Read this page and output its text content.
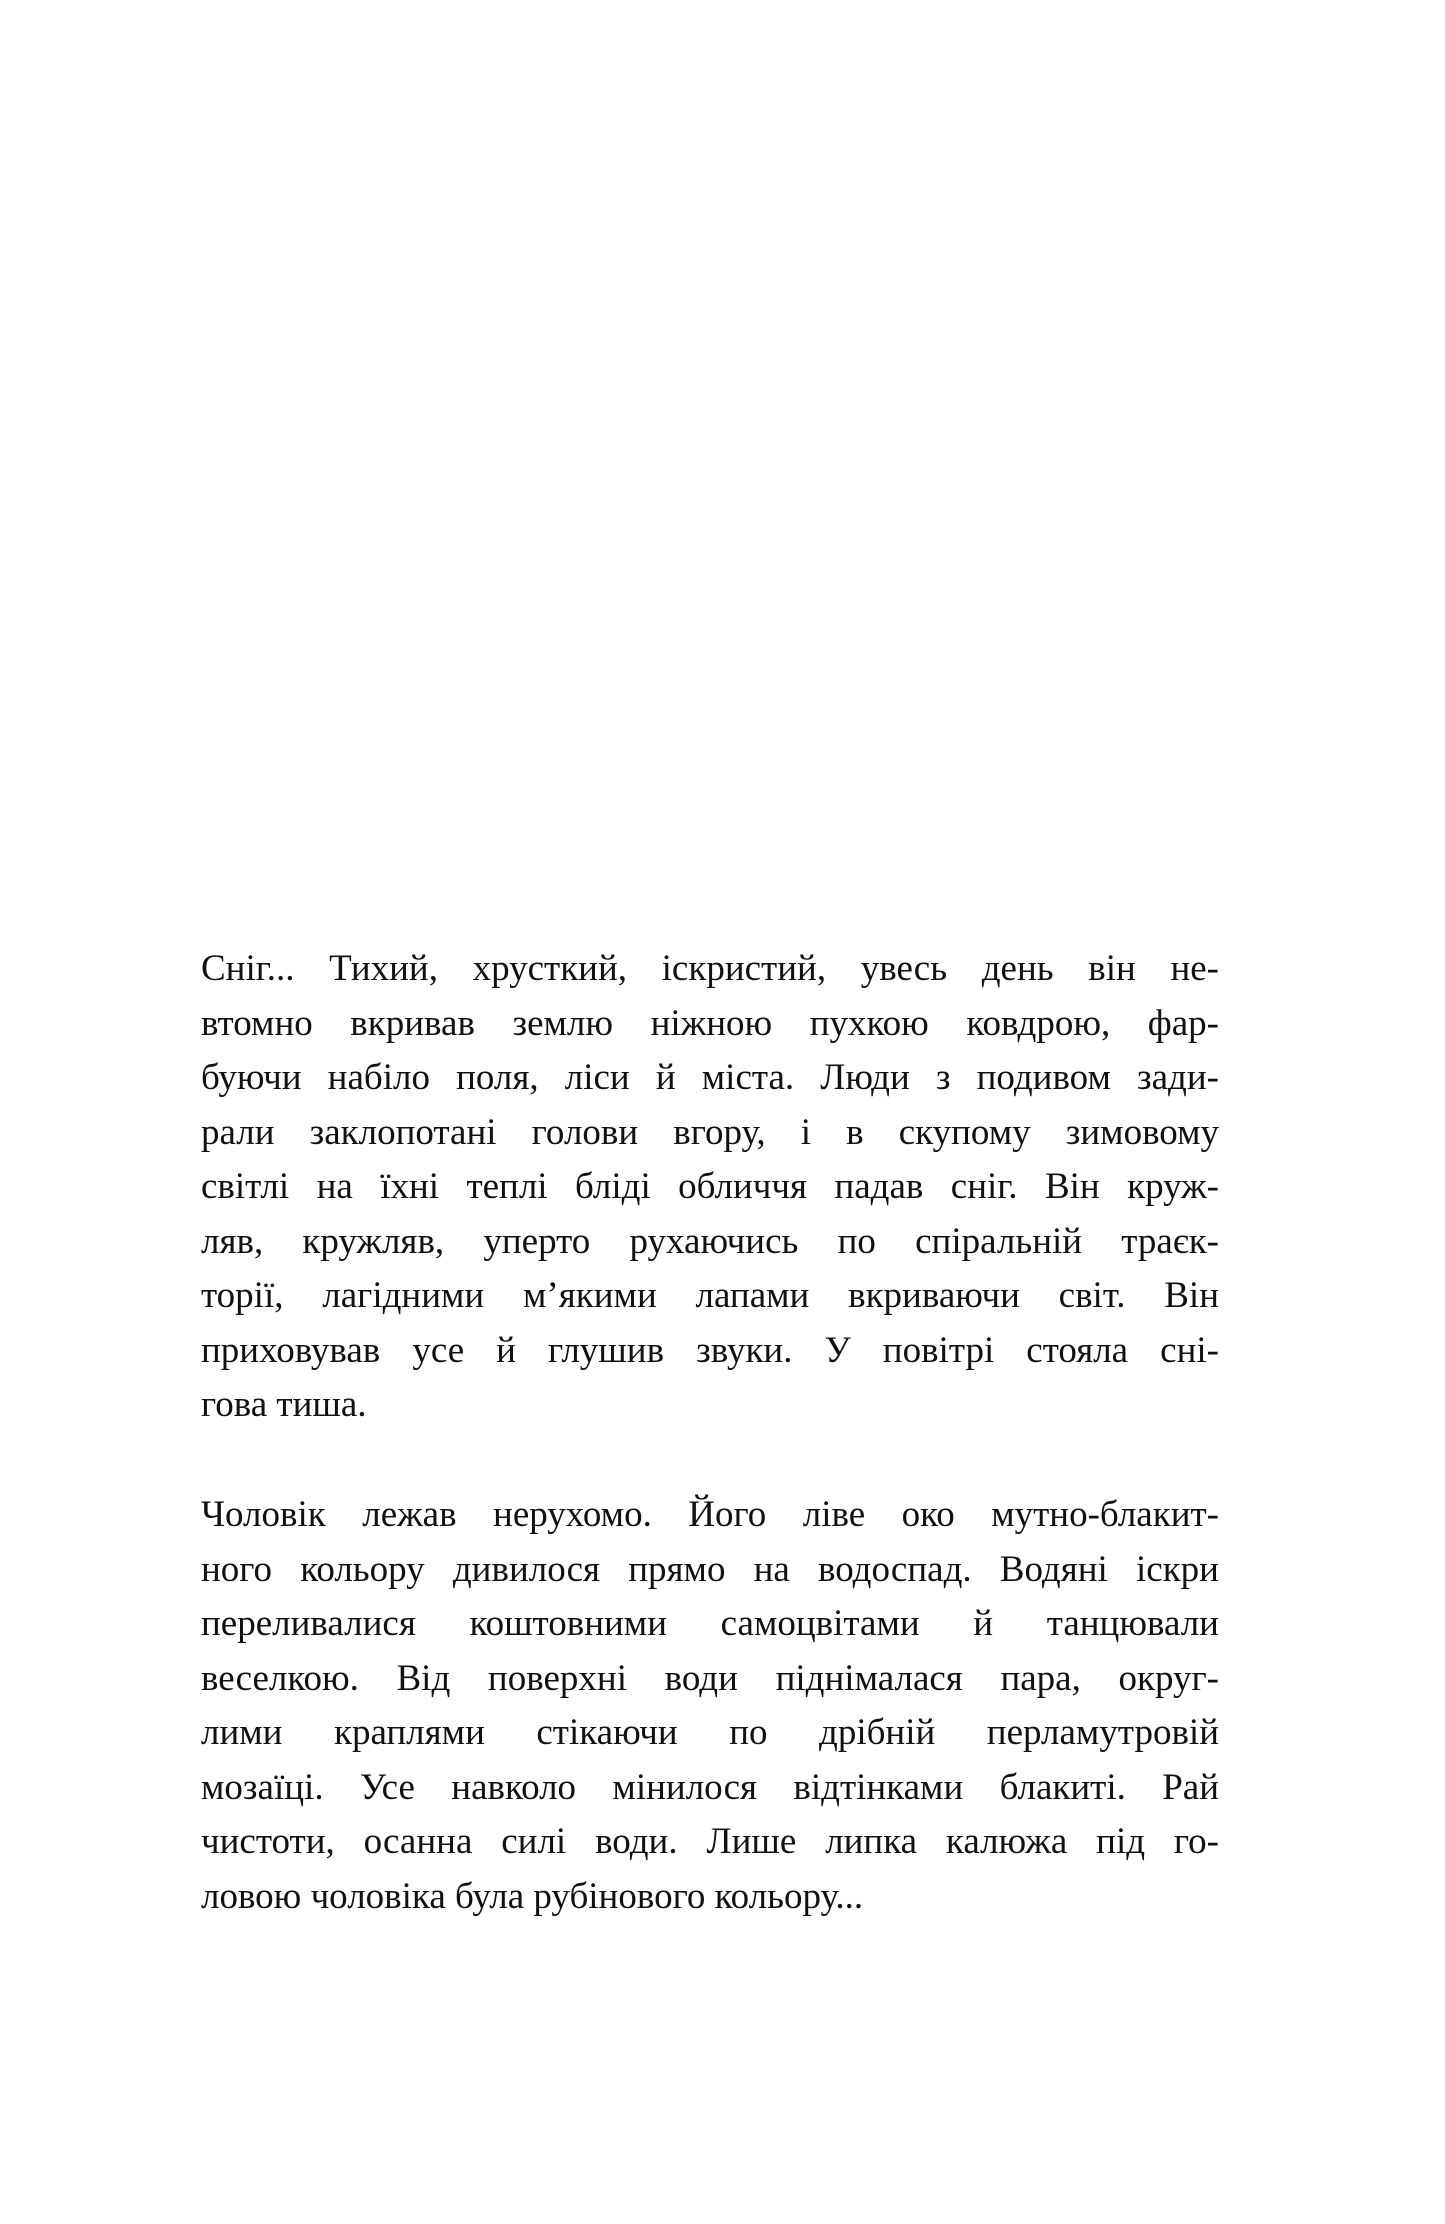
Сніг... Тихий, хрусткий, іскристий, увесь день він не-
втомно вкривав землю ніжною пухкою ковдрою, фар-
буючи набіло поля, ліси й міста. Люди з подивом зади-
рали заклопотані голови вгору, і в скупому зимовому
світлі на їхні теплі бліді обличчя падав сніг. Він круж-
ляв, кружляв, уперто рухаючись по спіральній траєк-
торії, лагідними м’якими лапами вкриваючи світ. Він
приховував усе й глушив звуки. У повітрі стояла сні-
гова тиша.
Чоловік лежав нерухомо. Його ліве око мутно-блакит-
ного кольору дивилося прямо на водоспад. Водяні іскри
переливалися коштовними самоцвітами й танцювали
веселкою. Від поверхні води піднімалася пара, округ-
лими краплями стікаючи по дрібній перламутровій
мозаїці. Усе навколо мінилося відтінками блакиті. Рай
чистоти, осанна силі води. Лише липка калюжа під го-
ловою чоловіка була рубінового кольору...
